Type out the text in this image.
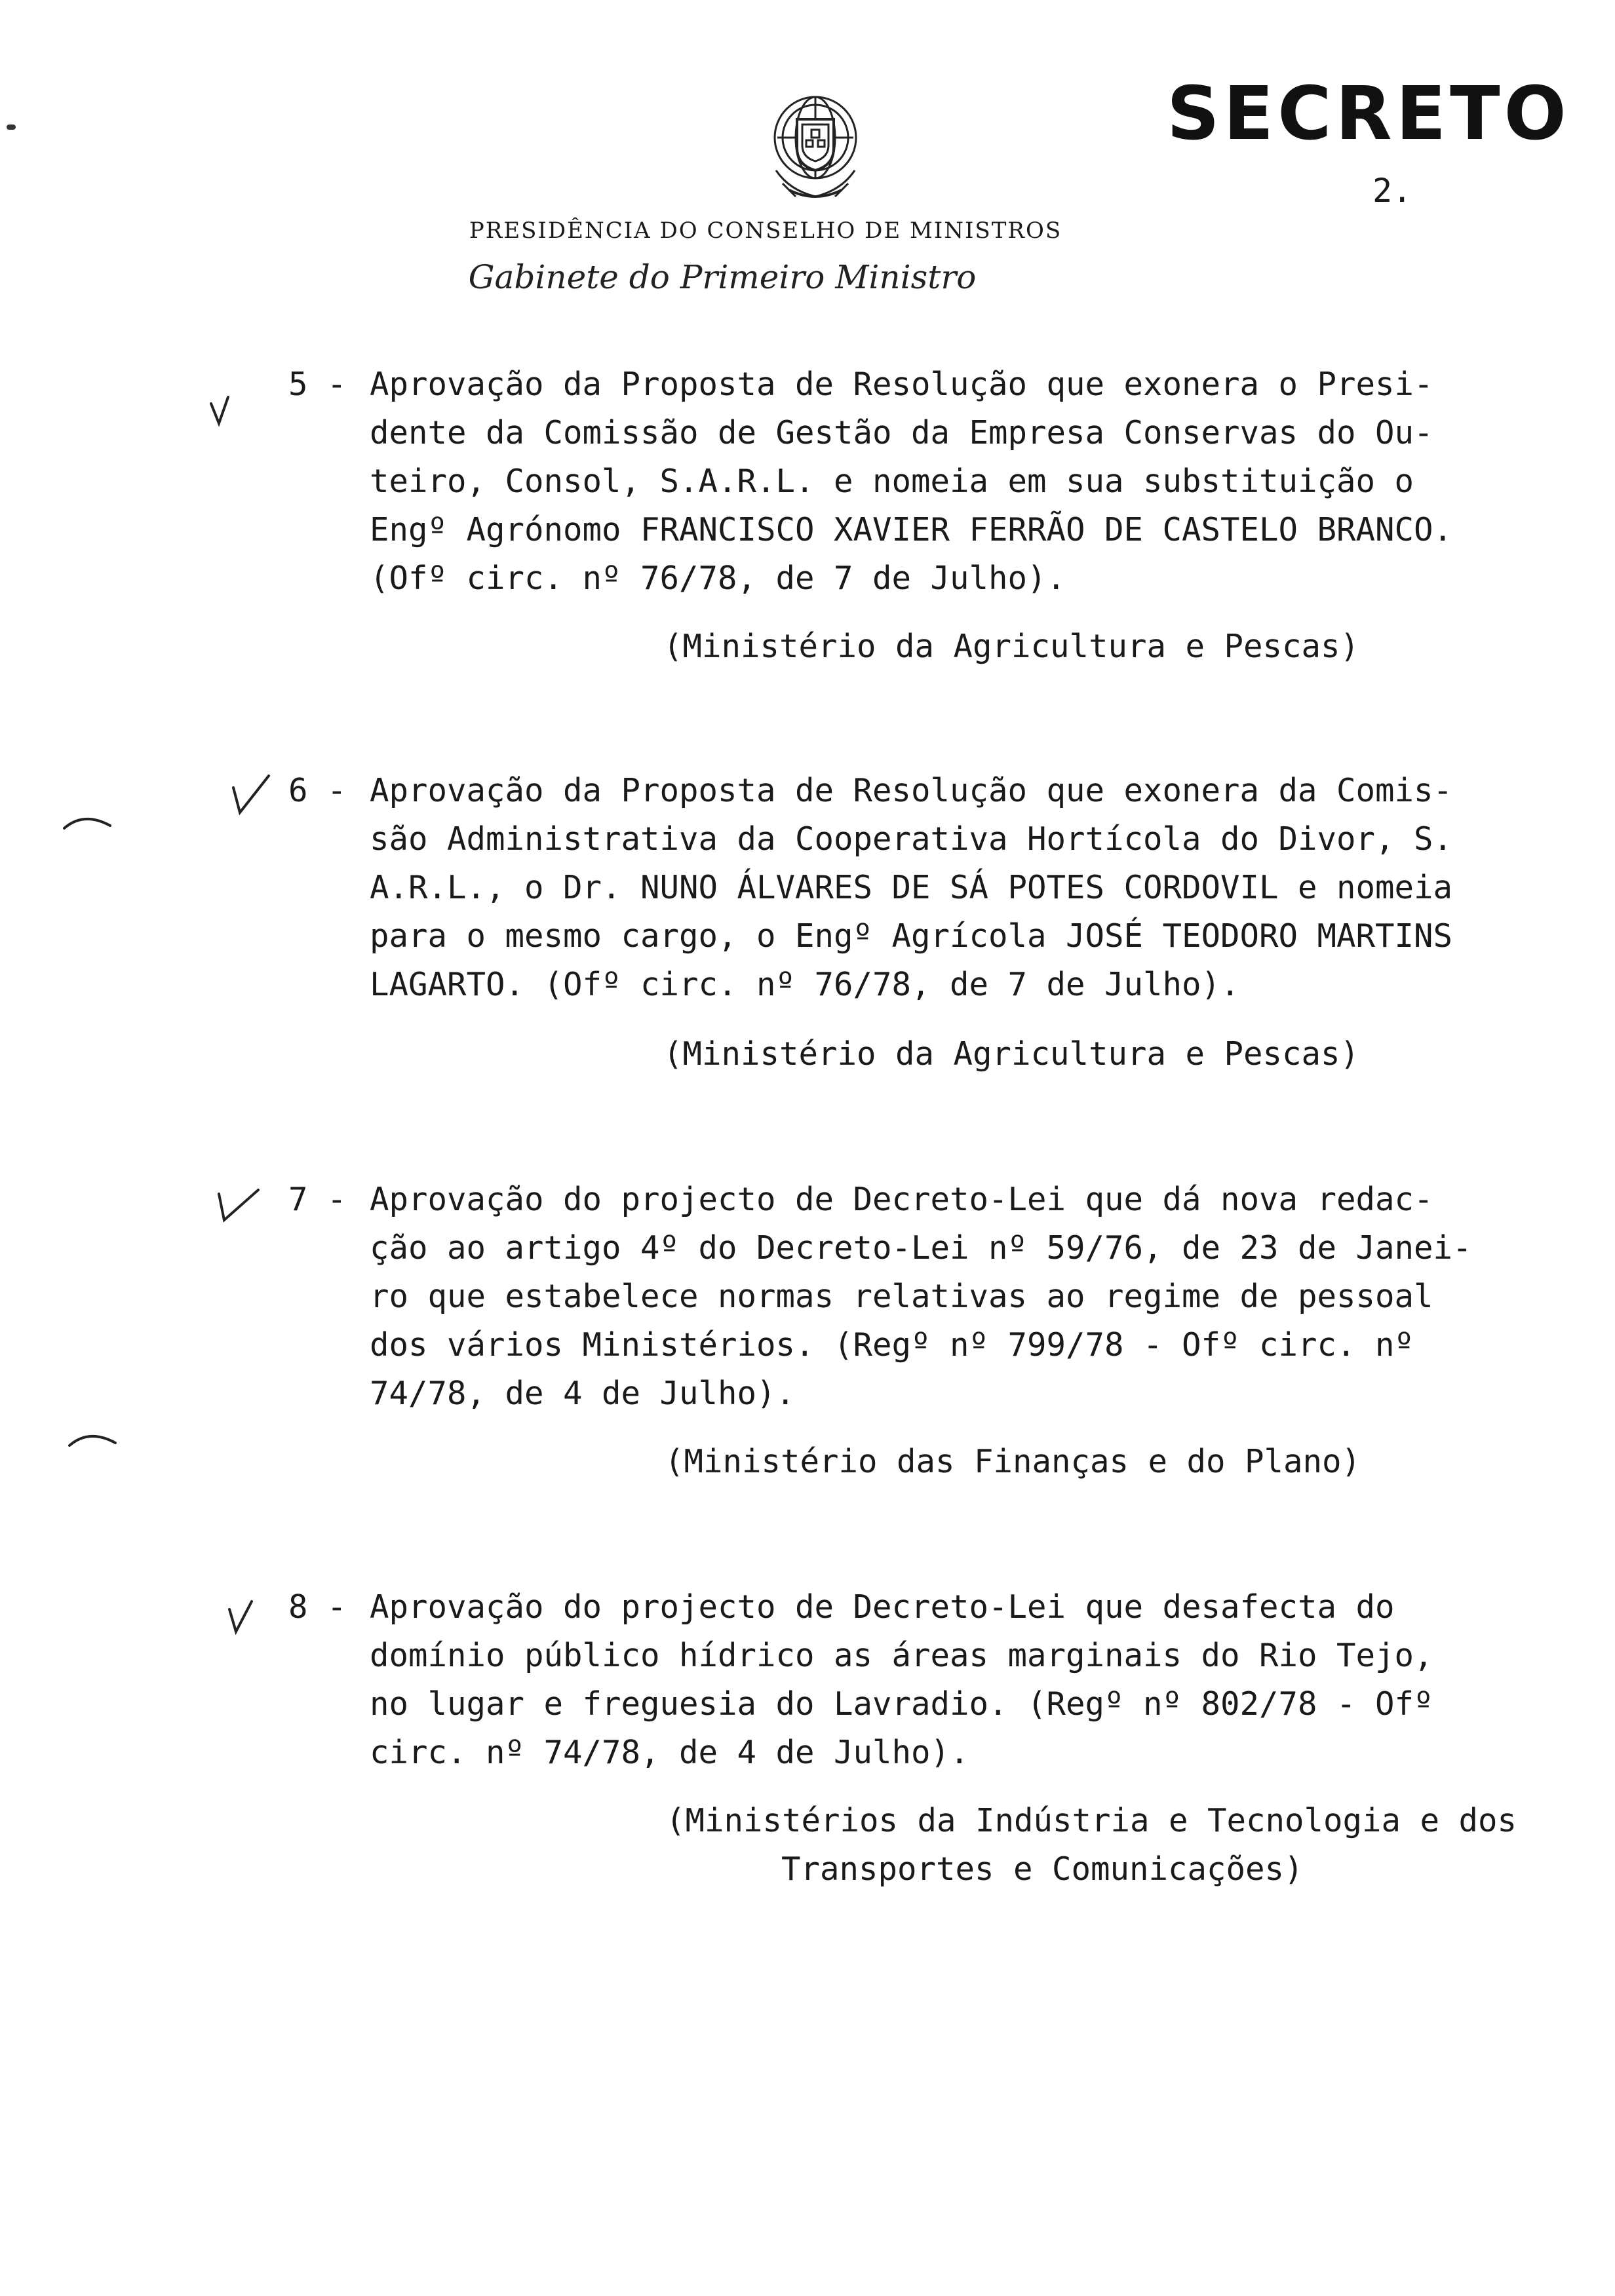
SECRETO
2.
PRESIDÊNCIA DO CONSELHO DE MINISTROS
Gabinete do Primeiro Ministro
5 - Aprovação da Proposta de Resolução que exonera o Presi-
dente da Comissão de Gestão da Empresa Conservas do Ou-
teiro, Consol, S.A.R.L. e nomeia em sua substituição o
Engº Agrónomo FRANCISCO XAVIER FERRÃO DE CASTELO BRANCO.
(Ofº circ. nº 76/78, de 7 de Julho).
(Ministério da Agricultura e Pescas)
6 - Aprovação da Proposta de Resolução que exonera da Comis-
são Administrativa da Cooperativa Hortícola do Divor, S.
A.R.L., o Dr. NUNO ÁLVARES DE SÁ POTES CORDOVIL e nomeia
para o mesmo cargo, o Engº Agrícola JOSÉ TEODORO MARTINS
LAGARTO. (Ofº circ. nº 76/78, de 7 de Julho).
(Ministério da Agricultura e Pescas)
7 - Aprovação do projecto de Decreto-Lei que dá nova redac-
ção ao artigo 4º do Decreto-Lei nº 59/76, de 23 de Janei-
ro que estabelece normas relativas ao regime de pessoal
dos vários Ministérios. (Regº nº 799/78 - Ofº circ. nº
74/78, de 4 de Julho).
(Ministério das Finanças e do Plano)
8 - Aprovação do projecto de Decreto-Lei que desafecta do
domínio público hídrico as áreas marginais do Rio Tejo,
no lugar e freguesia do Lavradio. (Regº nº 802/78 - Ofº
circ. nº 74/78, de 4 de Julho).
(Ministérios da Indústria e Tecnologia e dos
Transportes e Comunicações)
